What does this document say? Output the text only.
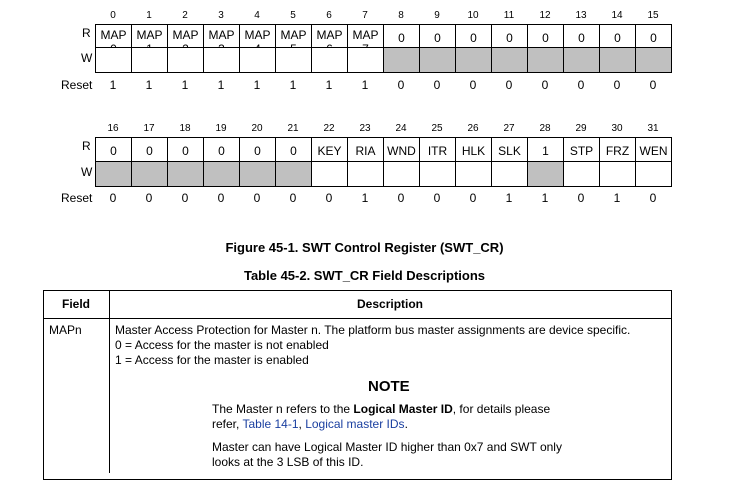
R
W
Reset
0
MAP
1
1
MAP
1
2
MAP
1
3
MAP
1
4
MAP
1
5
MAP
1
6
MAP
1
7
MAP
1
8
0
0
9
0
0
10
0
0
11
0
0
12
0
0
13
0
0
14
0
0
15
0
0
R
W
Reset
16
0
0
17
0
0
18
0
0
19
0
0
20
0
0
21
0
0
22
KEY
0
23
RIA
1
24
WND
0
25
ITR
0
26
HLK
0
27
SLK
1
28
1
1
29
STP
0
30
FRZ
1
31
WEN
0
Figure 45-1. SWT Control Register (SWT_CR)
Table 45-2. SWT_CR Field Descriptions
Field	Description
MAPn	Master Access Protection for Master n. The platform bus master assignments are device specific.
0 = Access for the master is not enabled
1 = Access for the master is enabled
NOTE
The Master n refers to the Logical Master ID, for details please
refer, Table 14-1, Logical master IDs.
Master can have Logical Master ID higher than 0x7 and SWT only
looks at the 3 LSB of this ID.
